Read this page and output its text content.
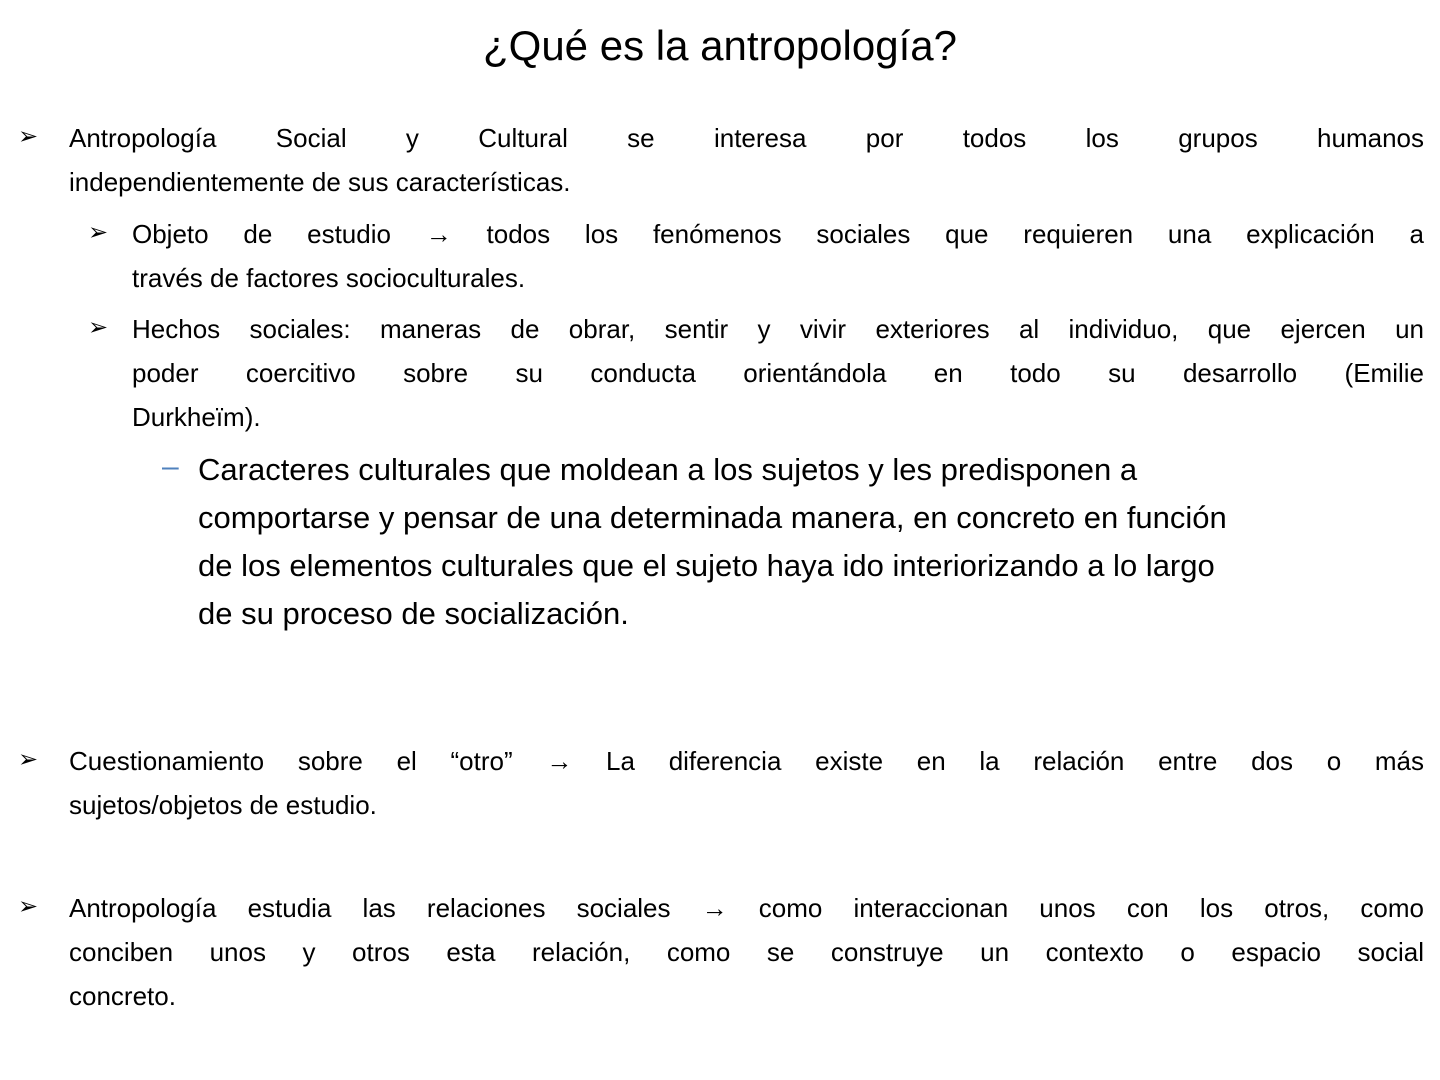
¿Qué es la antropología?
➢ Antropología Social y Cultural se interesa por todos los grupos humanos
independientemente de sus características.
➢ Objeto de estudio → todos los fenómenos sociales que requieren una explicación a
través de factores socioculturales.
➢ Hechos sociales: maneras de obrar, sentir y vivir exteriores al individuo, que ejercen un
poder coercitivo sobre su conducta orientándola en todo su desarrollo (Emilie
Durkheïm).
– Caracteres culturales que moldean a los sujetos y les predisponen a
comportarse y pensar de una determinada manera, en concreto en función
de los elementos culturales que el sujeto haya ido interiorizando a lo largo
de su proceso de socialización.
➢ Cuestionamiento sobre el “otro” → La diferencia existe en la relación entre dos o más
sujetos/objetos de estudio.
➢ Antropología estudia las relaciones sociales → como interaccionan unos con los otros, como
conciben unos y otros esta relación, como se construye un contexto o espacio social
concreto.
